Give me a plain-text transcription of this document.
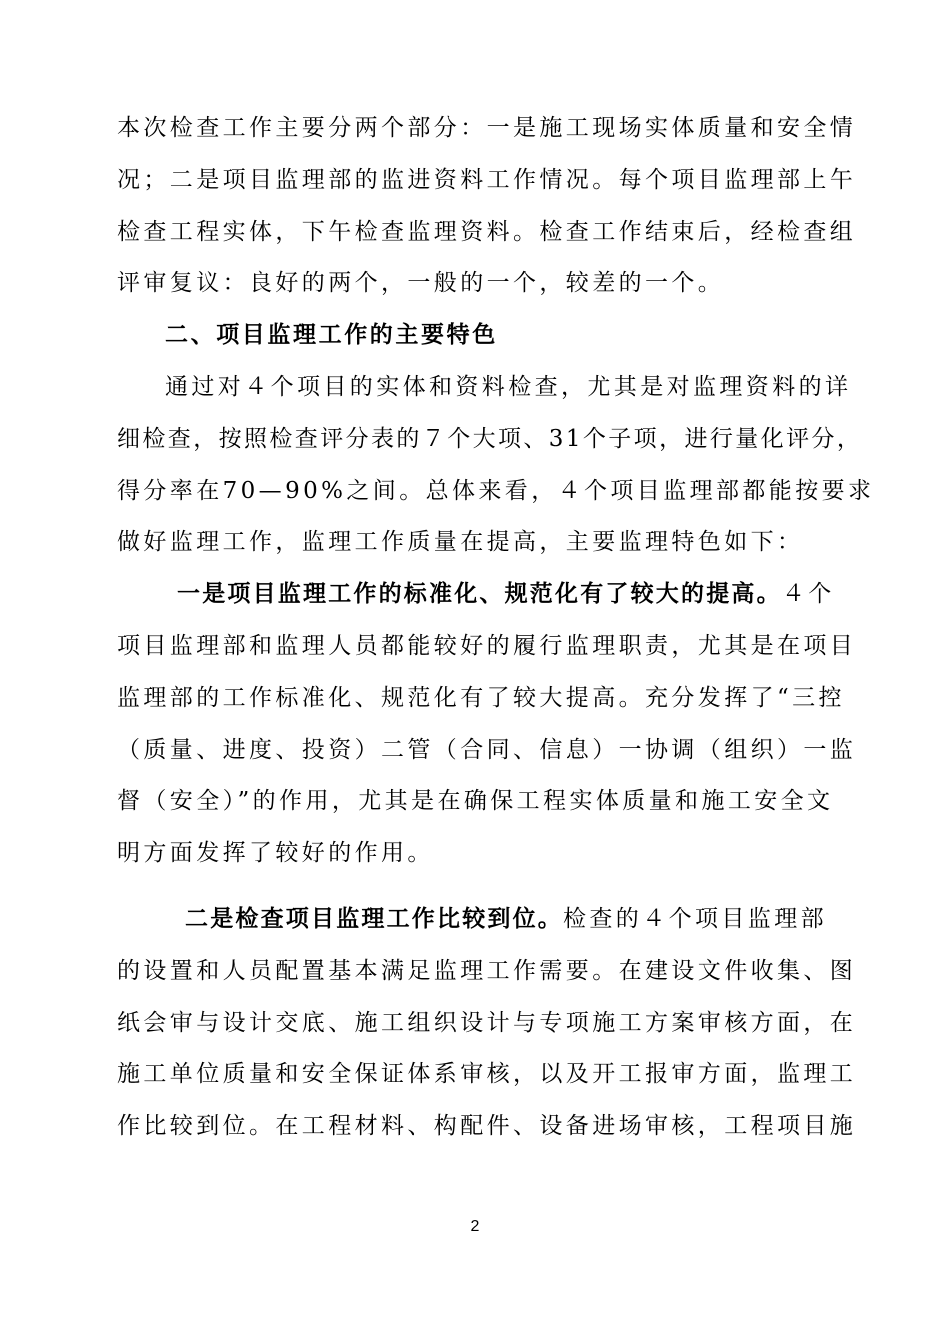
本次检查工作主要分两个部分：一是施工现场实体质量和安全情
况；二是项目监理部的监进资料工作情况。每个项目监理部上午
检查工程实体，下午检查监理资料。检查工作结束后，经检查组
评审复议：良好的两个，一般的一个，较差的一个。
二、项目监理工作的主要特色
通过对４个项目的实体和资料检查，尤其是对监理资料的详
细检查，按照检查评分表的７个大项、31个子项，进行量化评分，
得分率在70—90%之间。总体来看，４个项目监理部都能按要求
做好监理工作，监理工作质量在提高，主要监理特色如下：
一是项目监理工作的标准化、规范化有了较大的提高。４个
项目监理部和监理人员都能较好的履行监理职责，尤其是在项目
监理部的工作标准化、规范化有了较大提高。充分发挥了“三控
（质量、进度、投资）二管（合同、信息）一协调（组织）一监
督（安全）”的作用，尤其是在确保工程实体质量和施工安全文
明方面发挥了较好的作用。
二是检查项目监理工作比较到位。检查的４个项目监理部
的设置和人员配置基本满足监理工作需要。在建设文件收集、图
纸会审与设计交底、施工组织设计与专项施工方案审核方面，在
施工单位质量和安全保证体系审核，以及开工报审方面，监理工
作比较到位。在工程材料、构配件、设备进场审核，工程项目施
2
